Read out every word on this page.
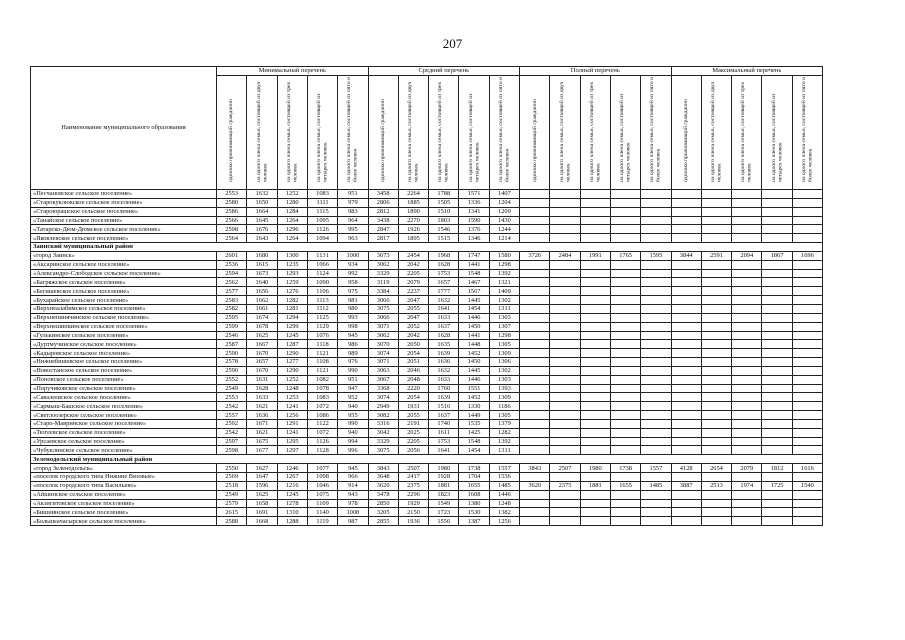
207
Наименование муниципального образования	Минимальный перечень					Средний перечень					Полный перечень					Максимальный перечень				
	одиноко проживающий гражданин	на одного члена семьи, состоящей из двух человек	на одного члена семьи, состоящей из трех человек	на одного члена семьи, состоящей из четырех человек	на одного члена семьи, состоящей из пяти и более человек	одиноко проживающий гражданин	на одного члена семьи, состоящей из двух человек	на одного члена семьи, состоящей из трех человек	на одного члена семьи, состоящей из четырех человек	на одного члена семьи, состоящей из пяти и более человек	одиноко проживающий гражданин	на одного члена семьи, состоящей из двух человек	на одного члена семьи, состоящей из трех человек	на одного члена семьи, состоящей из четырех человек	на одного члена семьи, состоящей из пяти и более человек	одиноко проживающий гражданин	на одного члена семьи, состоящей из двух человек	на одного члена семьи, состоящей из трех человек	на одного члена семьи, состоящей из четырех человек	на одного члена семьи, состоящей из пяти и более человек
«Песчановское сельское поселение»	2553	1632	1252	1083	951	3458	2264	1788	1571	1407										
«Старокуклюкское сельское поселение»	2580	1650	1280	1111	979	2806	1885	1505	1336	1204										
«Староюрашское сельское поселение»	2586	1664	1284	1115	983	2812	1890	1510	1341	1209										
«Танайское сельское поселение»	2566	1645	1264	1095	964	3438	2270	1803	1590	1430										
«Татарско-Дюм-Дюмское сельское поселение»	2598	1676	1296	1126	995	2847	1926	1546	1376	1244										
«Яковлевское сельское поселение»	2564	1643	1264	1094	963	2817	1895	1515	1346	1214										
Заинский муниципальный район																				
«город Заинск»	2601	1680	1300	1131	1000	3673	2454	1968	1747	1580	3726	2484	1991	1765	1595	3844	2591	2094	1867	1696
«Аксаринское сельское поселение»	2536	1615	1235	1066	934	3062	2042	1628	1441	1298										
«Александро-Слободское сельское поселение»	2594	1673	1293	1124	992	3329	2205	1753	1548	1392										
«Багряжское сельское поселение»	2562	1640	1259	1090	958	3119	2079	1657	1467	1321										
«Бегишевское сельское поселение»	2577	1656	1276	1106	975	3384	2237	1777	1567	1409										
«Бухарайское сельское поселение»	2583	1662	1282	1113	981	3066	2047	1632	1445	1302										
«Верхнеалабимское сельское поселение»	2582	1661	1281	1112	980	3075	2055	1641	1454	1311										
«Верхнепинячинское сельское поселение»	2595	1674	1294	1125	993	3066	2047	1633	1446	1303										
«Верхнешипкинское сельское поселение»	2599	1678	1299	1129	998	3071	2052	1637	1450	1307										
«Гулькинское сельское поселение»	2546	1625	1245	1076	945	3062	2042	1628	1441	1298										
«Дуртмучинское сельское поселение»	2587	1667	1287	1118	986	3070	2050	1635	1448	1305										
«Кадыровское сельское поселение»	2590	1670	1290	1121	989	3074	2054	1639	1452	1309										
«Нижнебишевское сельское поселение»	2578	1657	1277	1108	976	3071	2051	1636	1450	1306										
«Новостанское сельское поселение»	2590	1670	1290	1121	990	3063	2046	1632	1445	1302										
«Поповское сельское поселение»	2552	1631	1252	1082	951	3067	2048	1633	1446	1303										
«Поручиковское сельское поселение»	2549	1628	1248	1078	947	3368	2220	1760	1551	1393										
«Савалеевское сельское поселение»	2553	1633	1253	1083	952	3074	2054	1639	1452	1309										
«Сармыш-Башское сельское поселение»	2542	1621	1241	1072	940	2949	1931	1516	1330	1186										
«Светлоозерское сельское поселение»	2557	1636	1256	1086	955	3082	2055	1637	1449	1305										
«Старо-Мавринское сельское поселение»	2592	1671	1291	1122	990	3316	2191	1740	1535	1379										
«Тюгеевское сельское поселение»	2542	1621	1241	1072	940	3042	2025	1611	1425	1282										
«Урсаевское сельское поселение»	2597	1675	1295	1126	994	3329	2205	1753	1548	1392										
«Чубуклинское сельское поселение»	2598	1677	1297	1128	996	3075	2056	1641	1454	1311										
Зеленодольский муниципальный район																				
«город Зеленодольск»	2550	1627	1246	1077	945	3843	2507	1980	1738	1557	3843	2507	1980	1738	1557	4128	2654	2079	1812	1616
«поселок городского типа Нижние Вязовые»	2569	1647	1267	1098	966	3648	2417	1928	1704	1536										
«поселок городского типа Васильево»	2518	1596	1216	1046	914	3620	2375	1881	1655	1485	3620	2375	1881	1655	1485	3887	2513	1974	1725	1540
«Айшинское сельское поселение»	2549	1625	1245	1075	943	3478	2296	1823	1608	1446										
«Акзигитовское сельское поселение»	2579	1658	1278	1109	978	2850	1929	1549	1380	1248										
«Бишнинское сельское поселение»	2615	1691	1310	1140	1008	3205	2150	1723	1530	1382										
«Большеачасырское сельское поселение»	2588	1668	1288	1119	987	2855	1936	1556	1387	1256										
